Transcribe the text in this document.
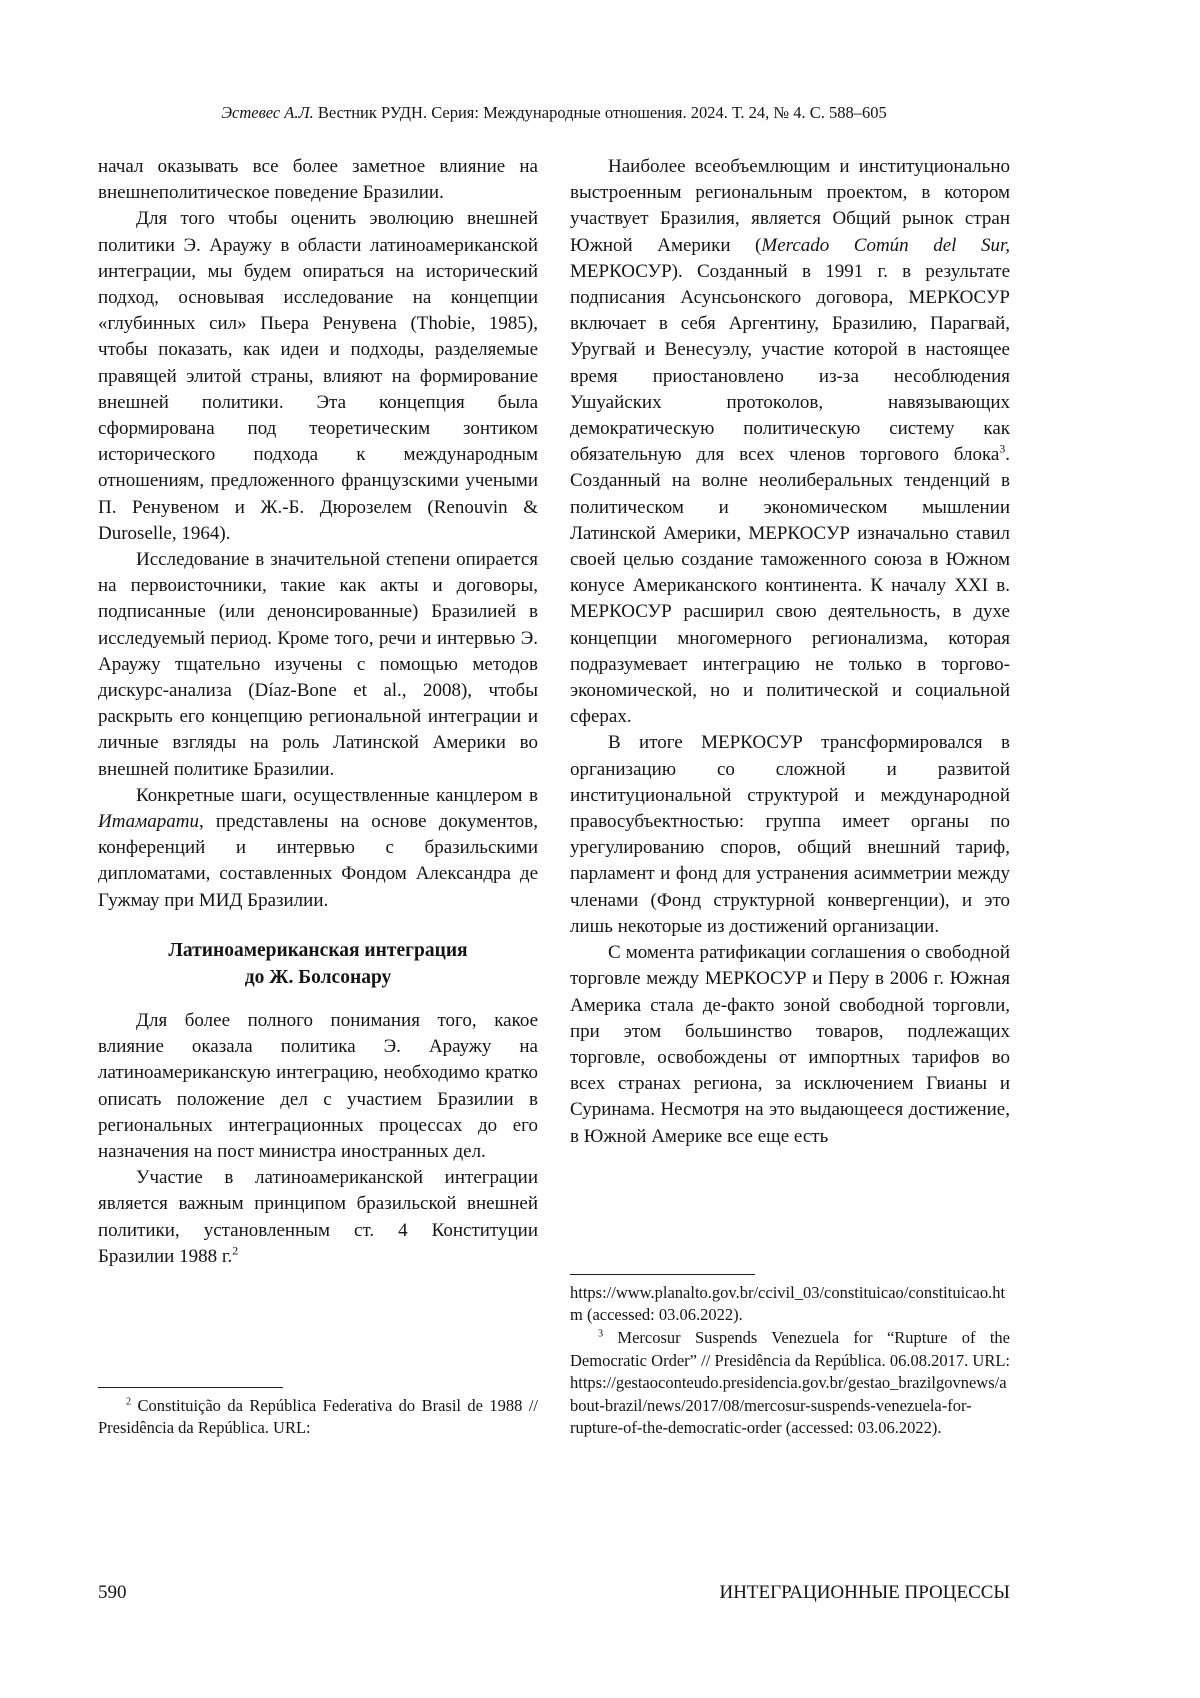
Эстевес А.Л. Вестник РУДН. Серия: Международные отношения. 2024. Т. 24, № 4. С. 588–605

начал оказывать все более заметное влияние на внешнеполитическое поведение Бразилии.

Для того чтобы оценить эволюцию внешней политики Э. Араужу в области латиноамериканской интеграции, мы будем опираться на исторический подход, основывая исследование на концепции «глубинных сил» Пьера Ренувена (Thobie, 1985), чтобы показать, как идеи и подходы, разделяемые правящей элитой страны, влияют на формирование внешней политики. Эта концепция была сформирована под теоретическим зонтиком исторического подхода к международным отношениям, предложенного французскими учеными П. Ренувеном и Ж.-Б. Дюрозелем (Renouvin & Duroselle, 1964).

Исследование в значительной степени опирается на первоисточники, такие как акты и договоры, подписанные (или денонсированные) Бразилией в исследуемый период. Кроме того, речи и интервью Э. Араужу тщательно изучены с помощью методов дискурс-анализа (Díaz-Bone et al., 2008), чтобы раскрыть его концепцию региональной интеграции и личные взгляды на роль Латинской Америки во внешней политике Бразилии.

Конкретные шаги, осуществленные канцлером в Итамарати, представлены на основе документов, конференций и интервью с бразильскими дипломатами, составленных Фондом Александра де Гужмау при МИД Бразилии.

Латиноамериканская интеграция
до Ж. Болсонару

Для более полного понимания того, какое влияние оказала политика Э. Араужу на латиноамериканскую интеграцию, необходимо кратко описать положение дел с участием Бразилии в региональных интеграционных процессах до его назначения на пост министра иностранных дел.

Участие в латиноамериканской интеграции является важным принципом бразильской внешней политики, установленным ст. 4 Конституции Бразилии 1988 г.$^2$

$^2$ Constituição da República Federativa do Brasil de 1988 // Presidência da República. URL:

Наиболее всеобъемлющим и институционально выстроенным региональным проектом, в котором участвует Бразилия, является Общий рынок стран Южной Америки (Mercado Común del Sur, МЕРКОСУР). Созданный в 1991 г. в результате подписания Асунсьонского договора, МЕРКОСУР включает в себя Аргентину, Бразилию, Парагвай, Уругвай и Венесуэлу, участие которой в настоящее время приостановлено из-за несоблюдения Ушуайских протоколов, навязывающих демократическую политическую систему как обязательную для всех членов торгового блока$^3$. Созданный на волне неолиберальных тенденций в политическом и экономическом мышлении Латинской Америки, МЕРКОСУР изначально ставил своей целью создание таможенного союза в Южном конусе Американского континента. К началу XXI в. МЕРКОСУР расширил свою деятельность, в духе концепции многомерного регионализма, которая подразумевает интеграцию не только в торгово-экономической, но и политической и социальной сферах.

В итоге МЕРКОСУР трансформировался в организацию со сложной и развитой институциональной структурой и международной правосубъектностью: группа имеет органы по урегулированию споров, общий внешний тариф, парламент и фонд для устранения асимметрии между членами (Фонд структурной конвергенции), и это лишь некоторые из достижений организации.

С момента ратификации соглашения о свободной торговле между МЕРКОСУР и Перу в 2006 г. Южная Америка стала де-факто зоной свободной торговли, при этом большинство товаров, подлежащих торговле, освобождены от импортных тарифов во всех странах региона, за исключением Гвианы и Суринама. Несмотря на это выдающееся достижение, в Южной Америке все еще есть

https://www.planalto.gov.br/ccivil_03/constituicao/constituicao.htm (accessed: 03.06.2022).

$^3$ Mercosur Suspends Venezuela for “Rupture of the Democratic Order” // Presidência da República. 06.08.2017. URL: https://gestaoconteudo.presidencia.gov.br/gestao_brazilgovnews/about-brazil/news/2017/08/mercosur-suspends-venezuela-for-rupture-of-the-democratic-order (accessed: 03.06.2022).

590	ИНТЕГРАЦИОННЫЕ ПРОЦЕССЫ
